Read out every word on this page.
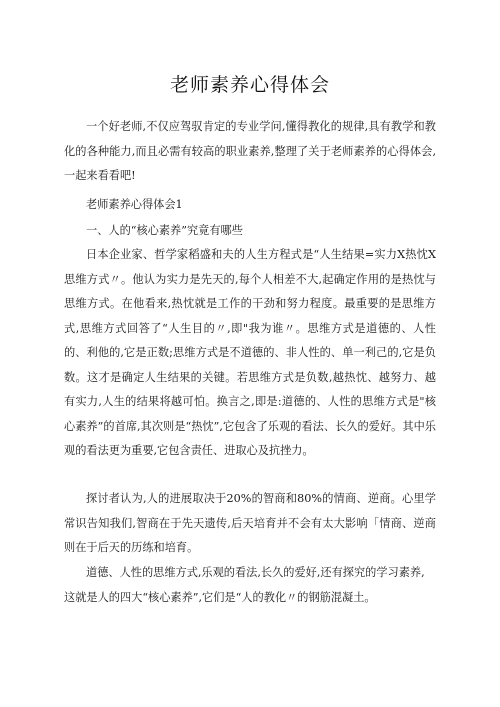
老师素养心得体会

一个好老师,不仅应驾驭肯定的专业学问,懂得教化的规律,具有教学和教化的各种能力,而且必需有较高的职业素养,整理了关于老师素养的心得体会,一起来看看吧!

老师素养心得体会1

一、人的“核心素养”究竟有哪些

日本企业家、哲学家稻盛和夫的人生方程式是“人生结果=实力X热忱X思维方式〃。他认为实力是先天的,每个人相差不大,起确定作用的是热忱与思维方式。在他看来,热忱就是工作的干劲和努力程度。最重要的是思维方式,思维方式回答了“人生目的〃,即"我为谁〃。思维方式是道德的、人性的、利他的,它是正数;思维方式是不道德的、非人性的、单一利己的,它是负数。这才是确定人生结果的关键。若思维方式是负数,越热忱、越努力、越有实力,人生的结果将越可怕。换言之,即是:道德的、人性的思维方式是"核心素养”的首席,其次则是“热忱”,它包含了乐观的看法、长久的爱好。其中乐观的看法更为重要,它包含责任、进取心及抗挫力。

探讨者认为,人的进展取决于20%的智商和80%的情商、逆商。心里学常识告知我们,智商在于先天遗传,后天培育并不会有太大影响「情商、逆商则在于后天的历练和培育。

道德、人性的思维方式,乐观的看法,长久的爱好,还有探究的学习素养,

这就是人的四大“核心素养”,它们是“人的教化〃的钢筋混凝土。
